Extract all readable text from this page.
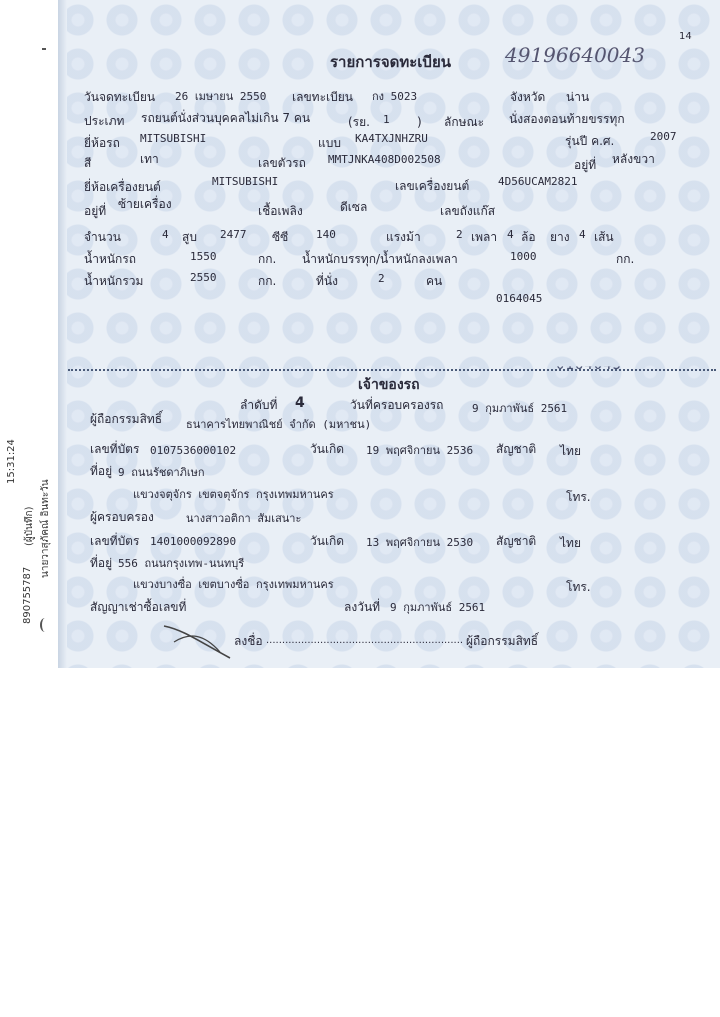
15:31:24
(ผู้บันทึก) นายวาสุภัคณ์ อินทะวัน
890755787
14
รายการจดทะเบียน	49196640043
วันจดทะเบียน 26 เมษายน 2550 เลขทะเบียน กง 5023	จังหวัด น่าน
ประเภท รถยนต์นั่งส่วนบุคคลไม่เกิน 7 คน	(รย. 1 ) ลักษณะ นั่งสองตอนท้ายขรรทุก
ยี่ห้อรถ MITSUBISHI	แบบ KA4TXJNHZRU	รุ่นปี ค.ศ.	2007
สี	เทา	เลขตัวรถ MMTJNKA408D002508	อยู่ที่ หลังขวา
ยี่ห้อเครื่องยนต์	MITSUBISHI	เลขเครื่องยนต์	4D56UCAM2821
อยู่ที่ ซ้ายเครื่อง	เชื้อเพลิง	ดีเซล	เลขถังแก๊ส
จำนวน	4 สูบ 2477 ซีซี	140	แรงม้า	2 เพลา 4 ล้อ ยาง 4 เส้น
น้ำหนักรถ	1550	กก. น้ำหนักบรรทุก/น้ำหนักลงเพลา	1000	กก.
น้ำหนักรวม	2550	กก.	ที่นั่ง	2	คน
0164045
เจ้าของรถ
ลำดับที่ 4	วันที่ครอบครองรถ	9 กุมภาพันธ์ 2561
ผู้ถือกรรมสิทธิ์ ธนาคารไทยพาณิชย์ จำกัด (มหาชน)
เลขที่บัตร 0107536000102	วันเกิด 19 พฤศจิกายน 2536 สัญชาติ ไทย
ที่อยู่ 9 ถนนรัชดาภิเษก
แขวงจตุจักร เขตจตุจักร กรุงเทพมหานคร	โทร.
ผู้ครอบครอง	นางสาวอติกา สัมเสนาะ
เลขที่บัตร 1401000092890	วันเกิด 13 พฤศจิกายน 2530 สัญชาติ ไทย
ที่อยู่ 556 ถนนกรุงเทพ-นนทบุรี
แขวงบางซื่อ เขตบางซื่อ กรุงเทพมหานคร	โทร.
สัญญาเช่าซื้อเลขที่	ลงวันที่ 9 กุมภาพันธ์ 2561
ลงชื่อ .............................................................. ผู้ถือกรรมสิทธิ์
